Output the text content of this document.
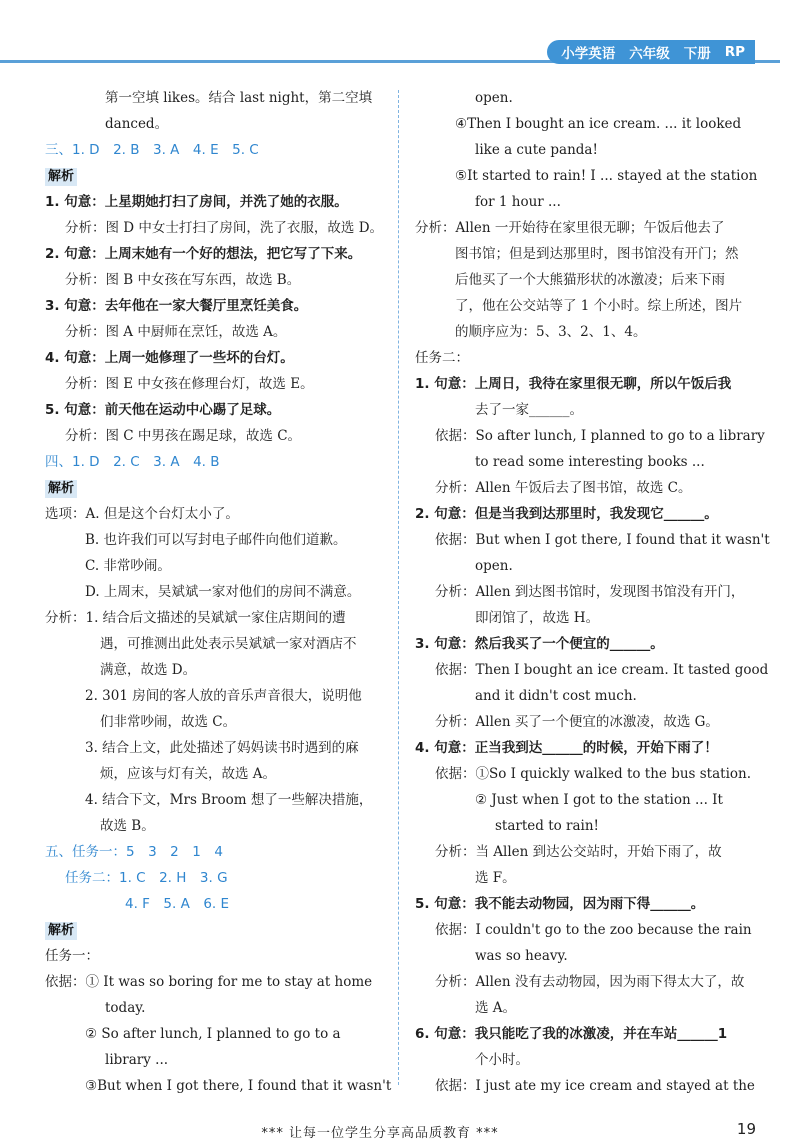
小学英语 六年级 下册 RP
第一空填 likes。结合 last night，第二空填
danced。
三、1. D　2. B　3. A　4. E　5. C
解析
1. 句意：上星期她打扫了房间，并洗了她的衣服。
分析：图 D 中女士打扫了房间，洗了衣服，故选 D。
2. 句意：上周末她有一个好的想法，把它写了下来。
分析：图 B 中女孩在写东西，故选 B。
3. 句意：去年他在一家大餐厅里烹饪美食。
分析：图 A 中厨师在烹饪，故选 A。
4. 句意：上周一她修理了一些坏的台灯。
分析：图 E 中女孩在修理台灯，故选 E。
5. 句意：前天他在运动中心踢了足球。
分析：图 C 中男孩在踢足球，故选 C。
四、1. D　2. C　3. A　4. B
解析
选项：A. 但是这个台灯太小了。
B. 也许我们可以写封电子邮件向他们道歉。
C. 非常吵闹。
D. 上周末，吴斌斌一家对他们的房间不满意。
分析：1. 结合后文描述的吴斌斌一家住店期间的遭
遇，可推测出此处表示吴斌斌一家对酒店不
满意，故选 D。
2. 301 房间的客人放的音乐声音很大，说明他
们非常吵闹，故选 C。
3. 结合上文，此处描述了妈妈读书时遇到的麻
烦，应该与灯有关，故选 A。
4. 结合下文，Mrs Broom 想了一些解决措施，
故选 B。
五、任务一：5　3　2　1　4
任务二：1. C　2. H　3. G
4. F　5. A　6. E
解析
任务一：
依据：① It was so boring for me to stay at home
today.
② So after lunch, I planned to go to a
library ...
③But when I got there, I found that it wasn't
open.
④Then I bought an ice cream. ... it looked
like a cute panda!
⑤It started to rain! I ... stayed at the station
for 1 hour ...
分析：Allen 一开始待在家里很无聊；午饭后他去了
图书馆；但是到达那里时，图书馆没有开门；然
后他买了一个大熊猫形状的冰激凌；后来下雨
了，他在公交站等了 1 个小时。综上所述，图片
的顺序应为：5、3、2、1、4。
任务二：
1. 句意：上周日，我待在家里很无聊，所以午饭后我
去了一家______。
依据：So after lunch, I planned to go to a library
to read some interesting books ...
分析：Allen 午饭后去了图书馆，故选 C。
2. 句意：但是当我到达那里时，我发现它______。
依据：But when I got there, I found that it wasn't
open.
分析：Allen 到达图书馆时，发现图书馆没有开门，
即闭馆了，故选 H。
3. 句意：然后我买了一个便宜的______。
依据：Then I bought an ice cream. It tasted good
and it didn't cost much.
分析：Allen 买了一个便宜的冰激凌，故选 G。
4. 句意：正当我到达______的时候，开始下雨了！
依据：①So I quickly walked to the bus station.
② Just when I got to the station ... It
started to rain!
分析：当 Allen 到达公交站时，开始下雨了，故
选 F。
5. 句意：我不能去动物园，因为雨下得______。
依据：I couldn't go to the zoo because the rain
was so heavy.
分析：Allen 没有去动物园，因为雨下得太大了，故
选 A。
6. 句意：我只能吃了我的冰激凌，并在车站______1
个小时。
依据：I just ate my ice cream and stayed at the
*** 让每一位学生分享高品质教育 ***	19
